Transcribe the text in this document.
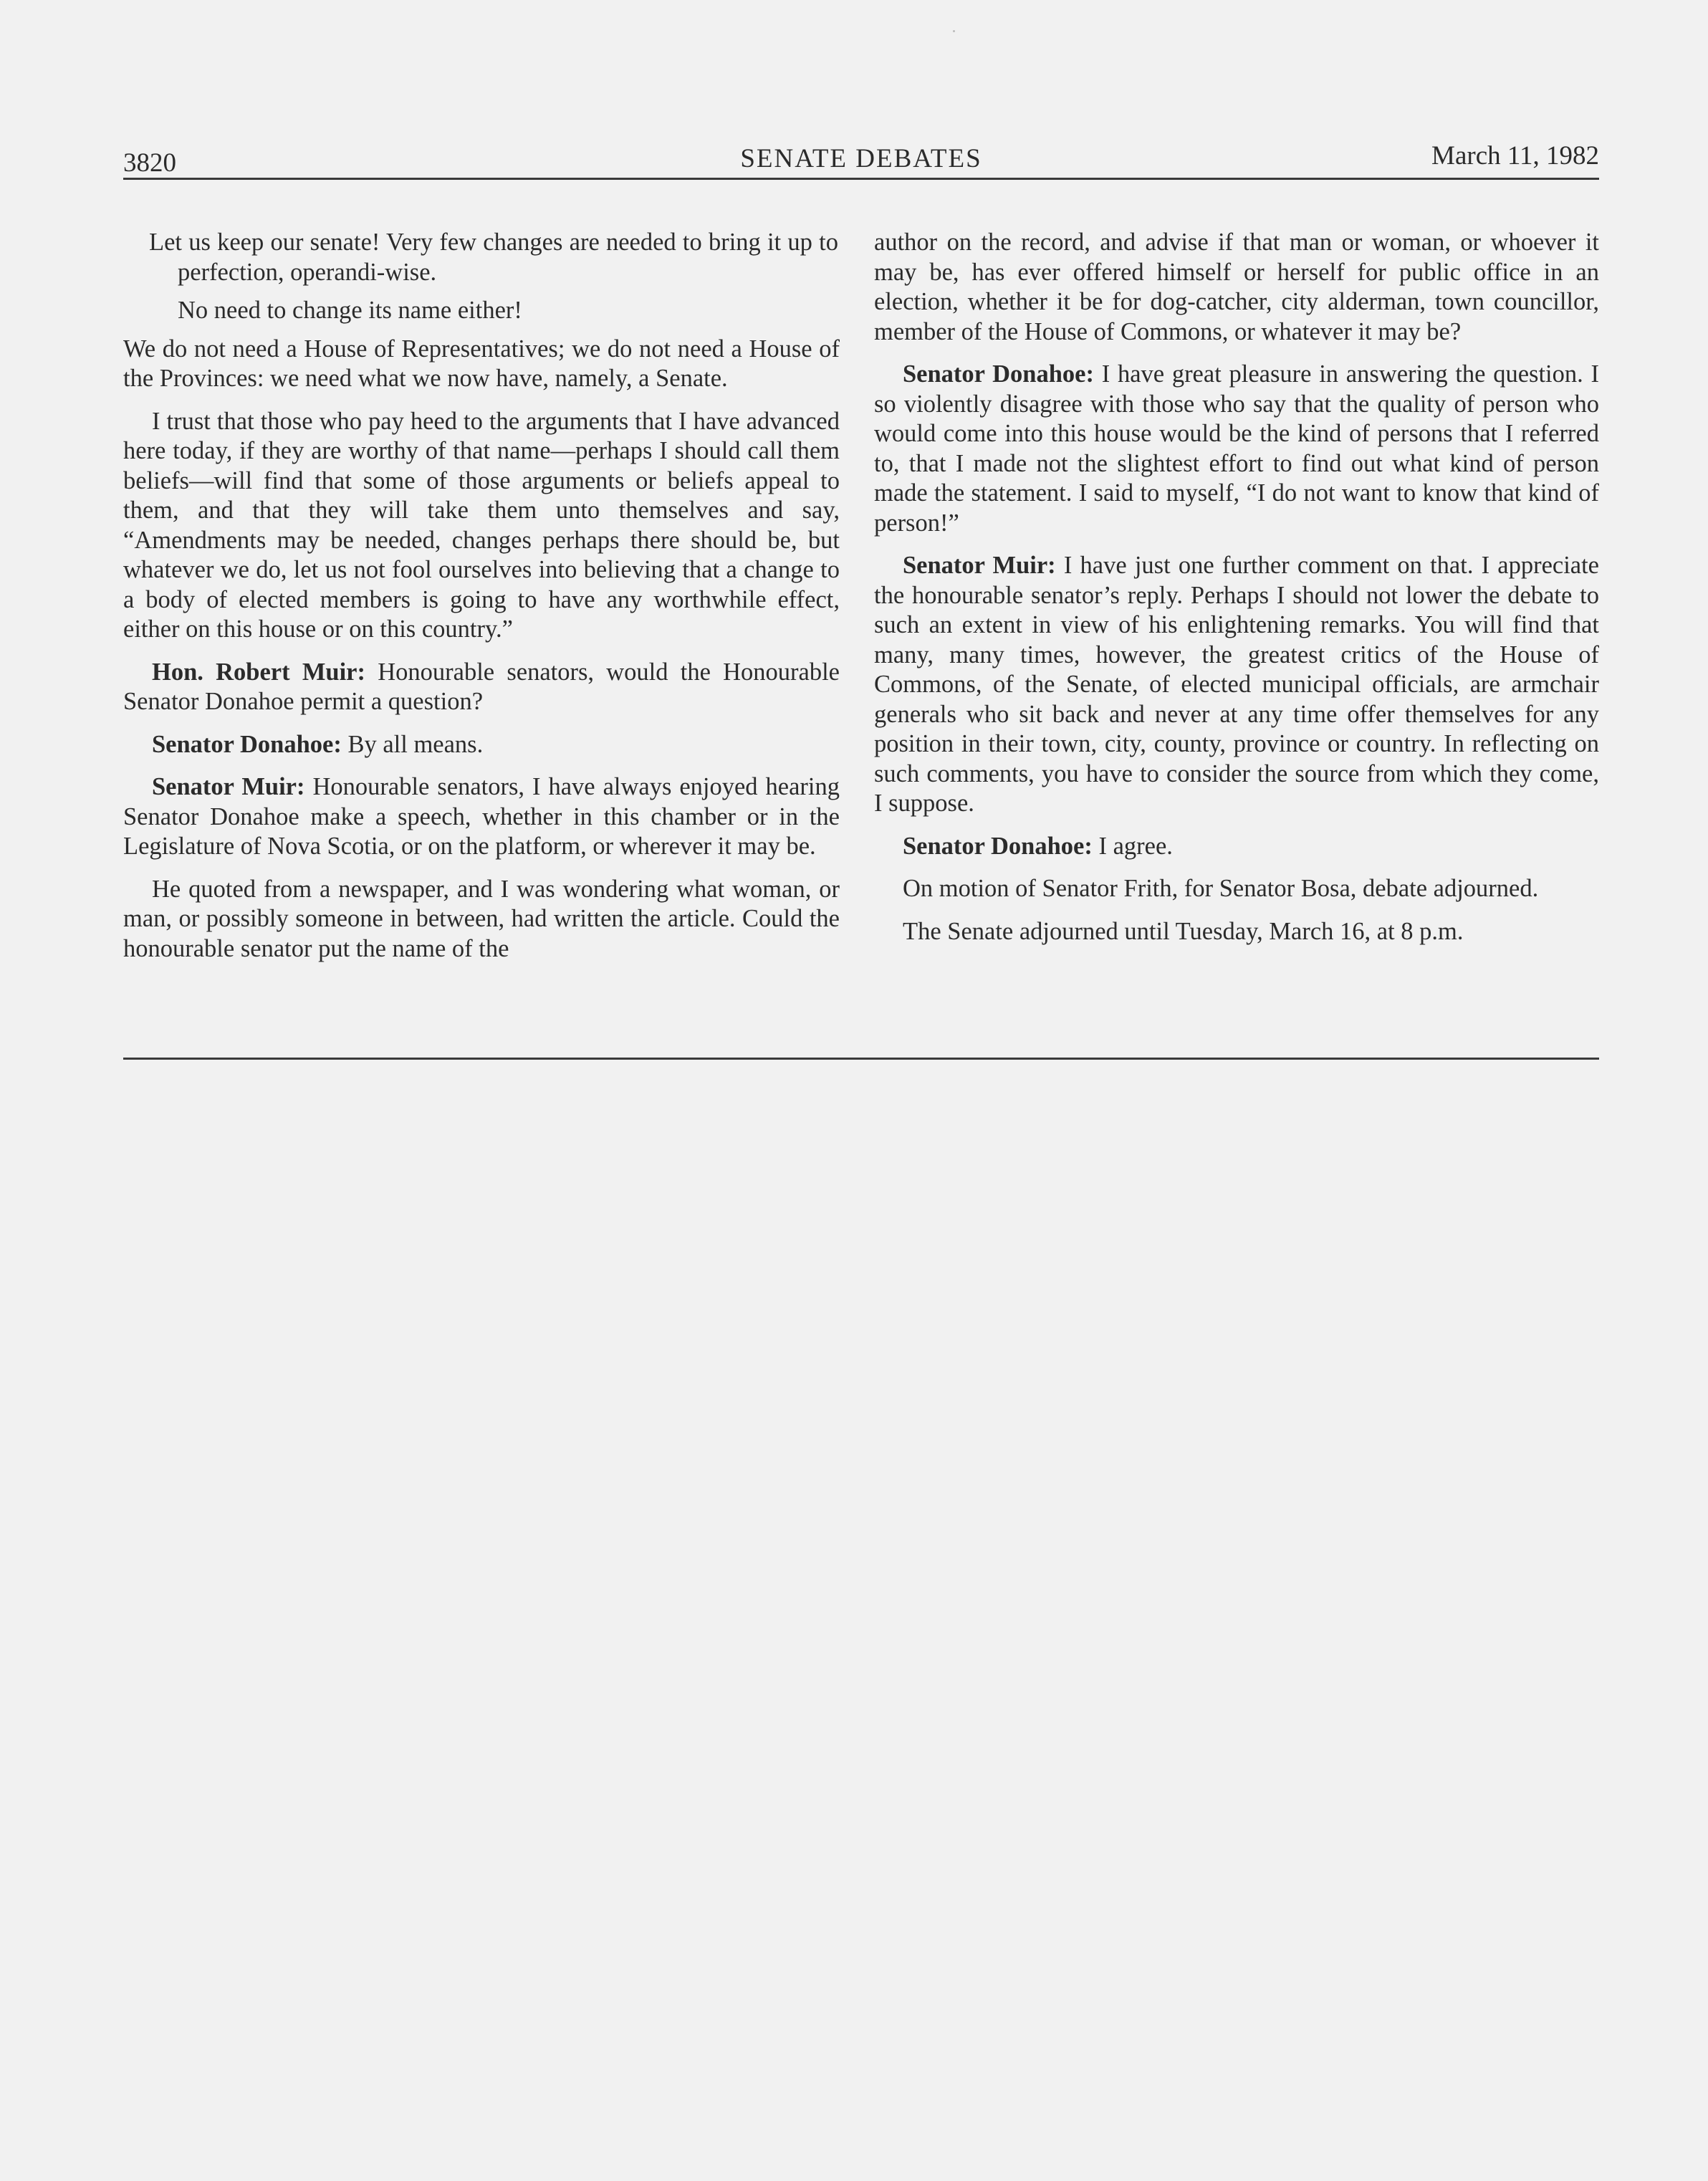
3820	SENATE DEBATES	March 11, 1982

Let us keep our senate! Very few changes are needed to bring it up to perfection, operandi-wise.

No need to change its name either!

We do not need a House of Representatives; we do not need a House of the Provinces: we need what we now have, namely, a Senate.

I trust that those who pay heed to the arguments that I have advanced here today, if they are worthy of that name—perhaps I should call them beliefs—will find that some of those arguments or beliefs appeal to them, and that they will take them unto themselves and say, “Amendments may be needed, changes perhaps there should be, but whatever we do, let us not fool ourselves into believing that a change to a body of elected members is going to have any worthwhile effect, either on this house or on this country.”

Hon. Robert Muir: Honourable senators, would the Honourable Senator Donahoe permit a question?

Senator Donahoe: By all means.

Senator Muir: Honourable senators, I have always enjoyed hearing Senator Donahoe make a speech, whether in this chamber or in the Legislature of Nova Scotia, or on the platform, or wherever it may be.

He quoted from a newspaper, and I was wondering what woman, or man, or possibly someone in between, had written the article. Could the honourable senator put the name of the

author on the record, and advise if that man or woman, or whoever it may be, has ever offered himself or herself for public office in an election, whether it be for dog-catcher, city alderman, town councillor, member of the House of Commons, or whatever it may be?

Senator Donahoe: I have great pleasure in answering the question. I so violently disagree with those who say that the quality of person who would come into this house would be the kind of persons that I referred to, that I made not the slightest effort to find out what kind of person made the statement. I said to myself, “I do not want to know that kind of person!”

Senator Muir: I have just one further comment on that. I appreciate the honourable senator’s reply. Perhaps I should not lower the debate to such an extent in view of his enlightening remarks. You will find that many, many times, however, the greatest critics of the House of Commons, of the Senate, of elected municipal officials, are armchair generals who sit back and never at any time offer themselves for any position in their town, city, county, province or country. In reflecting on such comments, you have to consider the source from which they come, I suppose.

Senator Donahoe: I agree.

On motion of Senator Frith, for Senator Bosa, debate adjourned.

The Senate adjourned until Tuesday, March 16, at 8 p.m.
